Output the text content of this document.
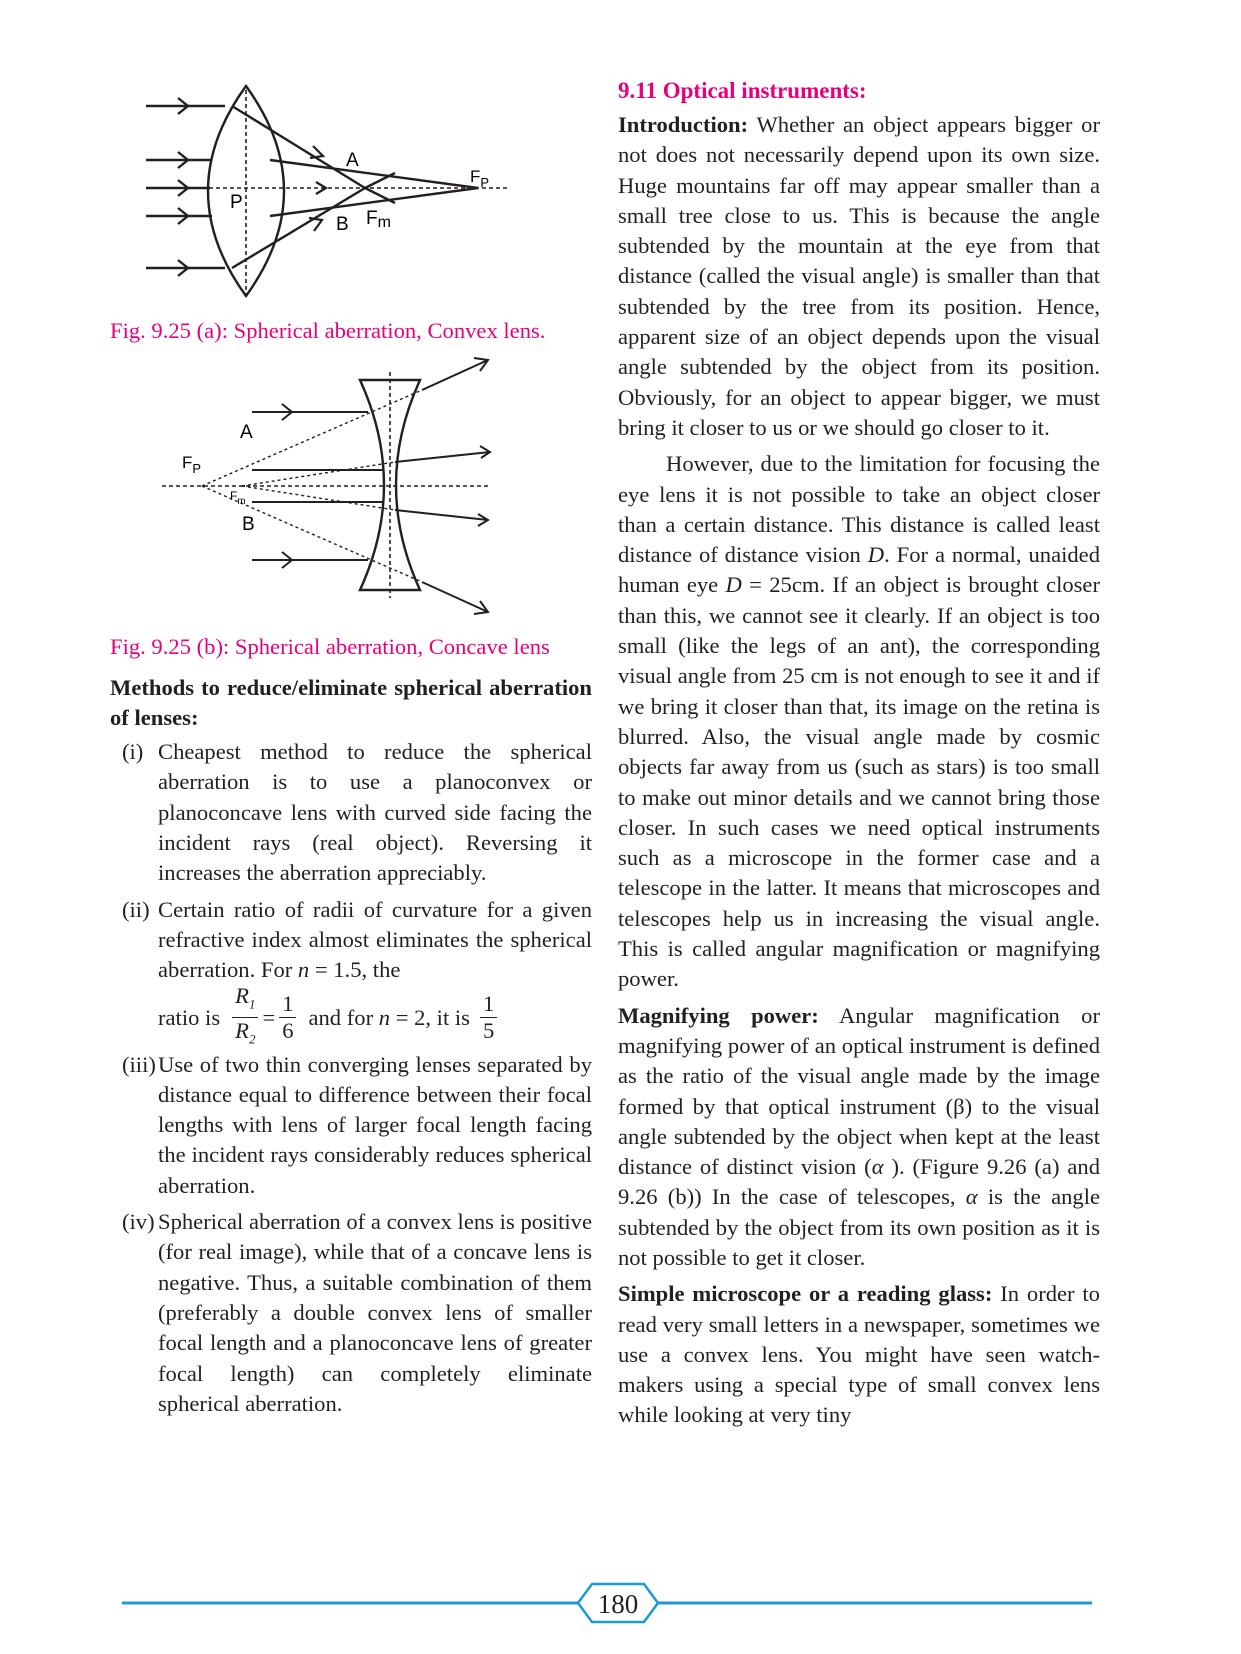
A
B
P
$F_P$
Fm

Fig. 9.25 (a): Spherical aberration, Convex lens.

A
B
$F_P$
$F_m$

Fig. 9.25 (b): Spherical aberration, Concave lens

Methods to reduce/eliminate spherical aberration of lenses:

(i) Cheapest method to reduce the spherical aberration is to use a planoconvex or planoconcave lens with curved side facing the incident rays (real object). Reversing it increases the aberration appreciably.
(ii) Certain ratio of radii of curvature for a given refractive index almost eliminates the spherical aberration. For n = 1.5, the
ratio is $\frac{R_1}{R_2} = \frac{1}{6}$ and for n = 2, it is $\frac{1}{5}$
(iii) Use of two thin converging lenses separated by distance equal to difference between their focal lengths with lens of larger focal length facing the incident rays considerably reduces spherical aberration.
(iv) Spherical aberration of a convex lens is positive (for real image), while that of a concave lens is negative. Thus, a suitable combination of them (preferably a double convex lens of smaller focal length and a planoconcave lens of greater focal length) can completely eliminate spherical aberration.
9.11 Optical instruments:

Introduction: Whether an object appears bigger or not does not necessarily depend upon its own size. Huge mountains far off may appear smaller than a small tree close to us. This is because the angle subtended by the mountain at the eye from that distance (called the visual angle) is smaller than that subtended by the tree from its position. Hence, apparent size of an object depends upon the visual angle subtended by the object from its position. Obviously, for an object to appear bigger, we must bring it closer to us or we should go closer to it.

However, due to the limitation for focusing the eye lens it is not possible to take an object closer than a certain distance. This distance is called least distance of distance vision D. For a normal, unaided human eye D = 25cm. If an object is brought closer than this, we cannot see it clearly. If an object is too small (like the legs of an ant), the corresponding visual angle from 25 cm is not enough to see it and if we bring it closer than that, its image on the retina is blurred. Also, the visual angle made by cosmic objects far away from us (such as stars) is too small to make out minor details and we cannot bring those closer. In such cases we need optical instruments such as a microscope in the former case and a telescope in the latter. It means that microscopes and telescopes help us in increasing the visual angle. This is called angular magnification or magnifying power.

Magnifying power: Angular magnification or magnifying power of an optical instrument is defined as the ratio of the visual angle made by the image formed by that optical instrument (β) to the visual angle subtended by the object when kept at the least distance of distinct vision (α ). (Figure 9.26 (a) and 9.26 (b)) In the case of telescopes, α is the angle subtended by the object from its own position as it is not possible to get it closer.

Simple microscope or a reading glass: In order to read very small letters in a newspaper, sometimes we use a convex lens. You might have seen watch-makers using a special type of small convex lens while looking at very tiny

180
